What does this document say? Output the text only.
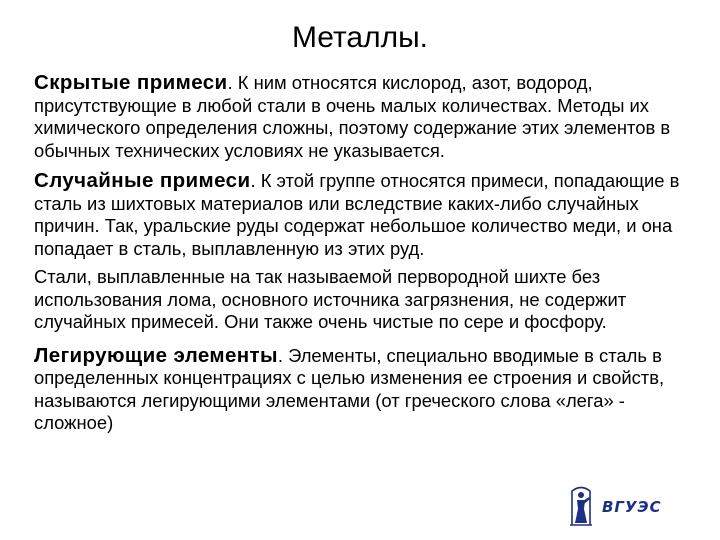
Металлы.

Скрытые примеси. К ним относятся кислород, азот, водород, присутствующие в любой стали в очень малых количествах. Методы их химического определения сложны, поэтому содержание этих элементов в обычных технических условиях не указывается.

Случайные примеси. К этой группе относятся примеси, попадающие в сталь из шихтовых материалов или вследствие каких-либо случайных причин. Так, уральские руды содержат небольшое количество меди, и она попадает в сталь, выплавленную из этих руд.

Стали, выплавленные на так называемой первородной шихте без использования лома, основного источника загрязнения, не содержит случайных примесей. Они также очень чистые по сере и фосфору.

Легирующие элементы. Элементы, специально вводимые в сталь в определенных концентрациях с целью изменения ее строения и свойств, называются легирующими элементами (от греческого слова «лега» - сложное)

ВГУЭС
